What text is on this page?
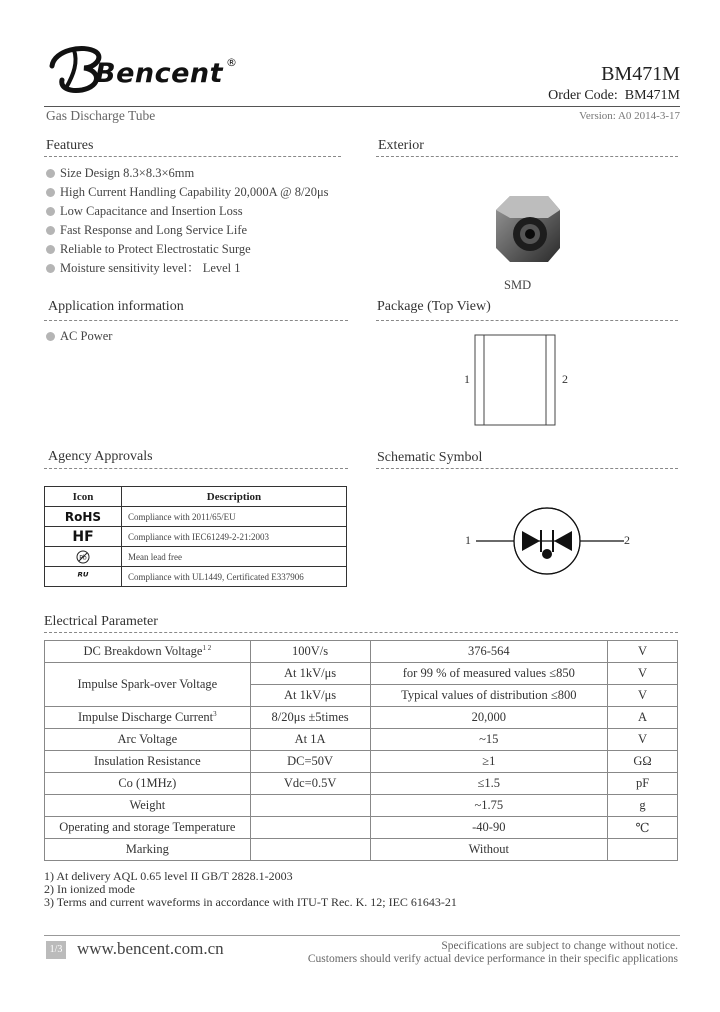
Bencent ®
BM471M
Order Code: BM471M
Gas Discharge Tube	Version: A0 2014-3-17
Features
Size Design 8.3×8.3×6mm
High Current Handling Capability 20,000A @ 8/20μs
Low Capacitance and Insertion Loss
Fast Response and Long Service Life
Reliable to Protect Electrostatic Surge
Moisture sensitivity level： Level 1
Exterior
SMD
Application information
AC Power
Package (Top View)
1	2
Agency Approvals
Icon	Description
RoHS	Compliance with 2011/65/EU
HF	Compliance with IEC61249-2-21:2003

Pb	Mean lead free
ᴿᵁ	Compliance with UL1449, Certificated E337906
Schematic Symbol
1	2
Electrical Parameter
DC Breakdown Voltage$^{1 2}$	100V/s	376-564	V
Impulse Spark-over Voltage	At 1kV/μs	for 99 % of measured values ≤850	V
	At 1kV/μs	Typical values of distribution ≤800	V
Impulse Discharge Current$^3$	8/20μs ±5times	20,000	A
Arc Voltage	At 1A	~15	V
Insulation Resistance	DC=50V	≥1	GΩ
Co (1MHz)	Vdc=0.5V	≤1.5	pF
Weight		~1.75	g
Operating and storage Temperature		-40-90	℃
Marking		Without	
1) At delivery AQL 0.65 level II GB/T 2828.1-2003
2) In ionized mode
3) Terms and current waveforms in accordance with ITU-T Rec. K. 12; IEC 61643-21
1/3 www.bencent.com.cn	Specifications are subject to change without notice.
Customers should verify actual device performance in their specific applications
